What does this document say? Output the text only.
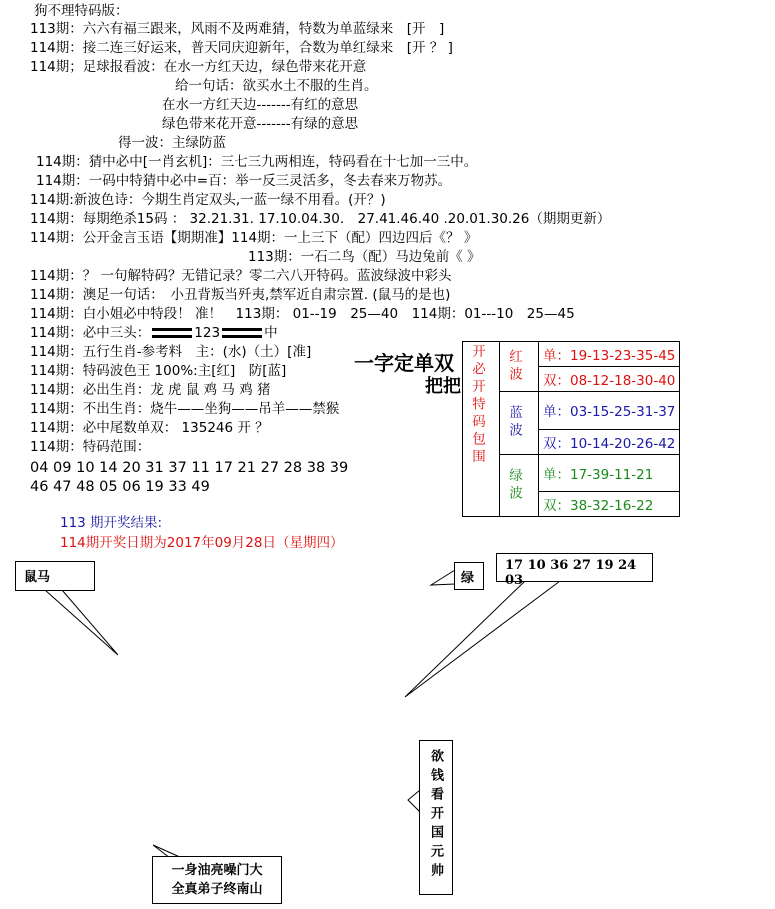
狗不理特码版：
113期：六六有福三跟来，风雨不及两难猜，特数为单蓝绿来　[开　]
114期：接二连三好运来，普天同庆迎新年，合数为单红绿来　[开 ？ ]
114期；足球报看波：在水一方红天边，绿色带来花开意
给一句话：欲买水土不服的生肖。
在水一方红天边-------有红的意思
绿色带来花开意-------有绿的意思
得一波：主绿防蓝
114期：猜中必中[一肖玄机]：三七三九两相连，特码看在十七加一三中。
114期：一码中特猜中必中=百：举一反三灵活多，冬去春来万物苏。
114期:新波色诗：今期生肖定双头,一蓝一绿不用看。(开？)
114期：每期绝杀15码 ： 32.21.31. 17.10.04.30.　27.41.46.40 .20.01.30.26（期期更新）
114期：公开金言玉语【期期准】114期：一上三下（配）四边四后《？ 》
113期：一石二鸟（配）马边兔前《 》
114期：？ 一句解特码？无错记录？零二六八开特码。蓝波绿波中彩头
114期：澳足一句话：　小丑背叛当歼夷,禁军近自肃宗置. (鼠马的是也)
114期：白小姐必中特段！ 准！　113期： 01--19　25—40　114期：01---10　25—45
114期：必中三头：	123	中
114期：五行生肖-参考料　主：(水)（土）[准]
114期：特码波色王 100%:主[红]　防[蓝]
114期：必出生肖：龙 虎 鼠 鸡 马 鸡 猪
114期：不出生肖：烧牛——坐狗——吊羊——禁猴
114期：必中尾数单双： 135246 开 ？
114期：特码范围：
04 09 10 14 20 31 37 11 17 21 27 28 38 39
46 47 48 05 06 19 33 49
113 期开奖结果:
114期开奖日期为2017年09月28日（星期四）
一字定单双
把把 开必开特码包围	红波	单：19-13-23-35-45
		双：08-12-18-30-40

	蓝波	单：03-15-25-31-37
		双：10-14-20-26-42

	绿波	单：17-39-11-21
		双：38-32-16-22
鼠马	绿
17 10 36 27 19 24 03
欲钱看开国元帅
一身油亮噪门大
全真弟子终南山
